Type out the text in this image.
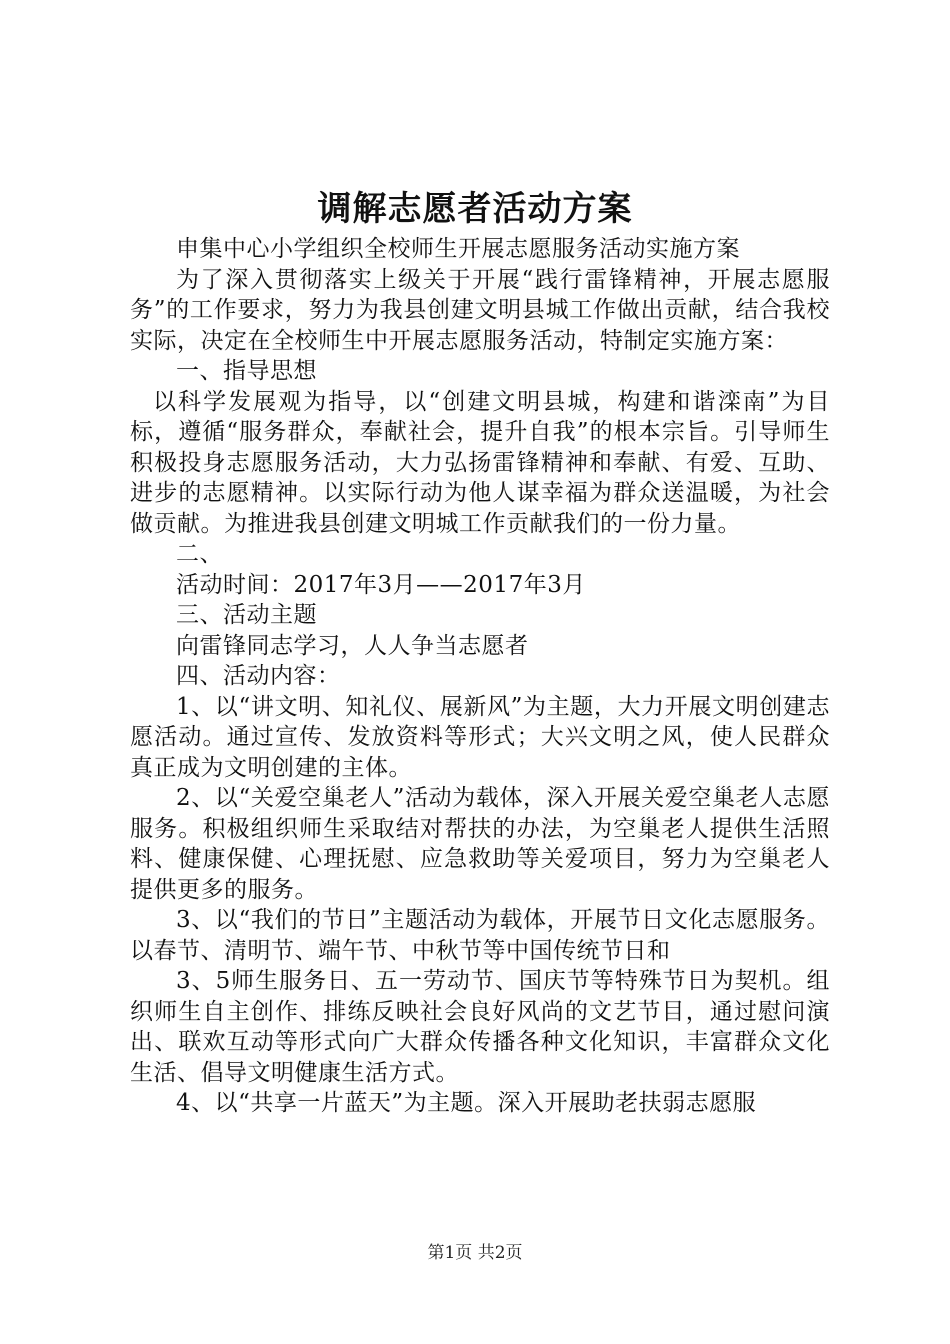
调解志愿者活动方案

申集中心小学组织全校师生开展志愿服务活动实施方案

为了深入贯彻落实上级关于开展“践行雷锋精神，开展志愿服务”的工作要求，努力为我县创建文明县城工作做出贡献，结合我校实际，决定在全校师生中开展志愿服务活动，特制定实施方案：

一、指导思想

以科学发展观为指导，以“创建文明县城，构建和谐滦南”为目标，遵循“服务群众，奉献社会，提升自我”的根本宗旨。引导师生积极投身志愿服务活动，大力弘扬雷锋精神和奉献、有爱、互助、进步的志愿精神。以实际行动为他人谋幸福为群众送温暖，为社会做贡献。为推进我县创建文明城工作贡献我们的一份力量。

二、

活动时间：2017年3月——2017年3月

三、活动主题

向雷锋同志学习，人人争当志愿者

四、活动内容：

1、以“讲文明、知礼仪、展新风”为主题，大力开展文明创建志愿活动。通过宣传、发放资料等形式；大兴文明之风，使人民群众真正成为文明创建的主体。

2、以“关爱空巢老人”活动为载体，深入开展关爱空巢老人志愿服务。积极组织师生采取结对帮扶的办法，为空巢老人提供生活照料、健康保健、心理抚慰、应急救助等关爱项目，努力为空巢老人提供更多的服务。

3、以“我们的节日”主题活动为载体，开展节日文化志愿服务。以春节、清明节、端午节、中秋节等中国传统节日和

3、5师生服务日、五一劳动节、国庆节等特殊节日为契机。组织师生自主创作、排练反映社会良好风尚的文艺节目，通过慰问演出、联欢互动等形式向广大群众传播各种文化知识，丰富群众文化生活、倡导文明健康生活方式。

4、以“共享一片蓝天”为主题。深入开展助老扶弱志愿服

第1页 共2页
